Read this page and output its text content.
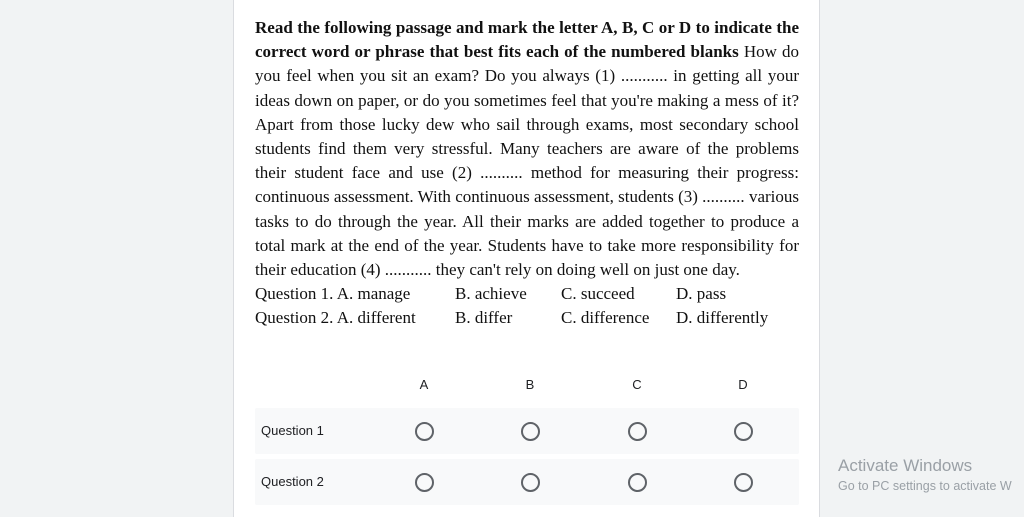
Read the following passage and mark the letter A, B, C or D to indicate the correct word or phrase that best fits each of the numbered blanks How do you feel when you sit an exam? Do you always (1) ........... in getting all your ideas down on paper, or do you sometimes feel that you're making a mess of it? Apart from those lucky dew who sail through exams, most secondary school students find them very stressful. Many teachers are aware of the problems their student face and use (2) .......... method for measuring their progress: continuous assessment. With continuous assessment, students (3) .......... various tasks to do through the year. All their marks are added together to produce a total mark at the end of the year. Students have to take more responsibility for their education (4) ........... they can't rely on doing well on just one day.

Question 1. A. manage	B. achieve	C. succeed	D. pass
Question 2. A. different	B. differ	C. difference	D. differently
A	B	C	D
Question 1
Question 2
Activate Windows
Go to PC settings to activate W
